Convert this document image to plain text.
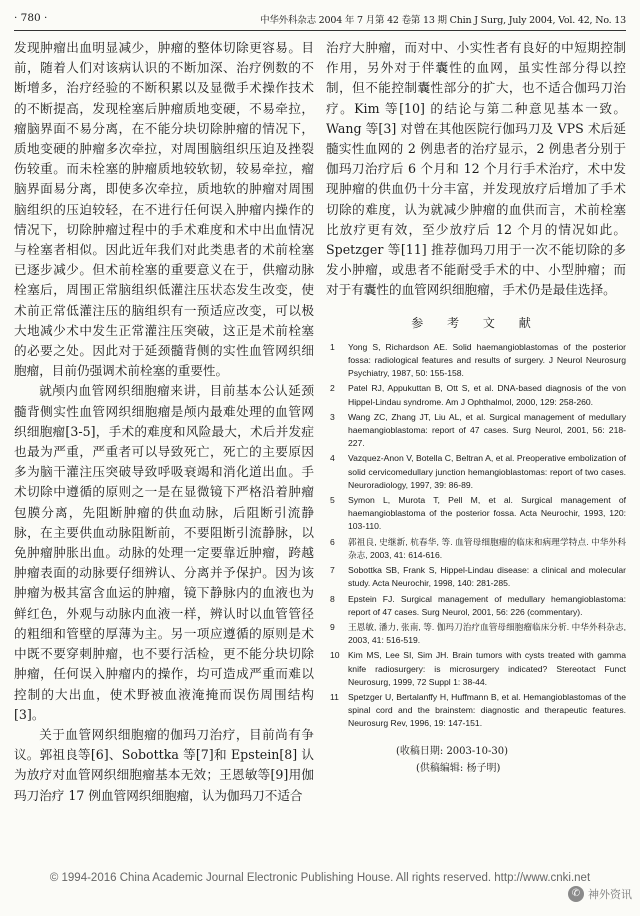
· 780 ·	中华外科杂志 2004 年 7 月第 42 卷第 13 期 Chin J Surg, July 2004, Vol. 42, No. 13

发现肿瘤出血明显减少，肿瘤的整体切除更容易。目前，随着人们对该病认识的不断加深、治疗例数的不断增多，治疗经验的不断积累以及显微手术操作技术的不断提高，发现栓塞后肿瘤质地变硬，不易牵拉，瘤脑界面不易分离，在不能分块切除肿瘤的情况下，质地变硬的肿瘤多次牵拉，对周围脑组织压迫及挫裂伤较重。而未栓塞的肿瘤质地较软韧，较易牵拉，瘤脑界面易分离，即使多次牵拉，质地软的肿瘤对周围脑组织的压迫较轻，在不进行任何误入肿瘤内操作的情况下，切除肿瘤过程中的手术难度和术中出血情况与栓塞者相似。因此近年我们对此类患者的术前栓塞已逐步减少。但术前栓塞的重要意义在于，供瘤动脉栓塞后，周围正常脑组织低灌注压状态发生改变，使术前正常低灌注压的脑组织有一预适应改变，可以极大地减少术中发生正常灌注压突破，这正是术前栓塞的必要之处。因此对于延颈髓背侧的实性血管网织细胞瘤，目前仍强调术前栓塞的重要性。

就颅内血管网织细胞瘤来讲，目前基本公认延颈髓背侧实性血管网织细胞瘤是颅内最难处理的血管网织细胞瘤[3-5]，手术的难度和风险最大，术后并发症也最为严重，严重者可以导致死亡，死亡的主要原因多为脑干灌注压突破导致呼吸衰竭和消化道出血。手术切除中遵循的原则之一是在显微镜下严格沿着肿瘤包膜分离，先阻断肿瘤的供血动脉，后阻断引流静脉，在主要供血动脉阻断前，不要阻断引流静脉，以免肿瘤肿胀出血。动脉的处理一定要靠近肿瘤，跨越肿瘤表面的动脉要仔细辨认、分离并予保护。因为该肿瘤为极其富含血运的肿瘤，镜下静脉内的血液也为鲜红色，外观与动脉内血液一样，辨认时以血管管径的粗细和管壁的厚薄为主。另一项应遵循的原则是术中既不要穿刺肿瘤，也不要行活检，更不能分块切除肿瘤，任何误入肿瘤内的操作，均可造成严重而难以控制的大出血，使术野被血液淹掩而误伤周围结构[3]。

关于血管网织细胞瘤的伽玛刀治疗，目前尚有争议。郭祖良等[6]、Sobottka 等[7]和 Epstein[8] 认为放疗对血管网织细胞瘤基本无效；王恩敏等[9]用伽玛刀治疗 17 例血管网织细胞瘤，认为伽玛刀不适合

治疗大肿瘤，而对中、小实性者有良好的中短期控制作用，另外对于伴囊性的血网，虽实性部分得以控制，但不能控制囊性部分的扩大，也不适合伽玛刀治疗。Kim 等[10] 的结论与第二种意见基本一致。Wang 等[3] 对曾在其他医院行伽玛刀及 VPS 术后延髓实性血网的 2 例患者的治疗显示，2 例患者分别于伽玛刀治疗后 6 个月和 12 个月行手术治疗，术中发现肿瘤的供血仍十分丰富，并发现放疗后增加了手术切除的难度，认为就减少肿瘤的血供而言，术前栓塞比放疗更有效，至少放疗后 12 个月的情况如此。Spetzger 等[11] 推荐伽玛刀用于一次不能切除的多发小肿瘤，或患者不能耐受手术的中、小型肿瘤；而对于有囊性的血管网织细胞瘤，手术仍是最佳选择。

参 考 文 献
1 Yong S, Richardson AE. Solid haemangioblastomas of the posterior fossa: radiological features and results of surgery. J Neurol Neurosurg Psychiatry, 1987, 50: 155-158.
2 Patel RJ, Appukuttan B, Ott S, et al. DNA-based diagnosis of the von Hippel-Lindau syndrome. Am J Ophthalmol, 2000, 129: 258-260.
3 Wang ZC, Zhang JT, Liu AL, et al. Surgical management of medullary haemangioblastoma: report of 47 cases. Surg Neurol, 2001, 56: 218-227.
4 Vazquez-Anon V, Botella C, Beltran A, et al. Preoperative embolization of solid cervicomedullary junction hemangioblastomas: report of two cases. Neuroradiology, 1997, 39: 86-89.
5 Symon L, Murota T, Pell M, et al. Surgical management of haemangioblastoma of the posterior fossa. Acta Neurochir, 1993, 120: 103-110.
6 郭祖良, 史继新, 杭春华, 等. 血管母细胞瘤的临床和病理学特点. 中华外科杂志, 2003, 41: 614-616.
7 Sobottka SB, Frank S, Hippel-Lindau disease: a clinical and molecular study. Acta Neurochir, 1998, 140: 281-285.
8 Epstein FJ. Surgical management of medullary hemangioblastoma: report of 47 cases. Surg Neurol, 2001, 56: 226 (commentary).
9 王恩敏, 潘力, 张南, 等. 伽玛刀治疗血管母细胞瘤临床分析. 中华外科杂志, 2003, 41: 516-519.
10 Kim MS, Lee SI, Sim JH. Brain tumors with cysts treated with gamma knife radiosurgery: is microsurgery indicated? Stereotact Funct Neurosurg, 1999, 72 Suppl 1: 38-44.
11 Spetzger U, Bertalanffy H, Huffmann B, et al. Hemangioblastomas of the spinal cord and the brainstem: diagnostic and therapeutic features. Neurosurg Rev, 1996, 19: 147-151.
(收稿日期: 2003-10-30)
(供稿编辑: 杨子明)
© 1994-2016 China Academic Journal Electronic Publishing House. All rights reserved. http://www.cnki.net
✆ 神外资讯
